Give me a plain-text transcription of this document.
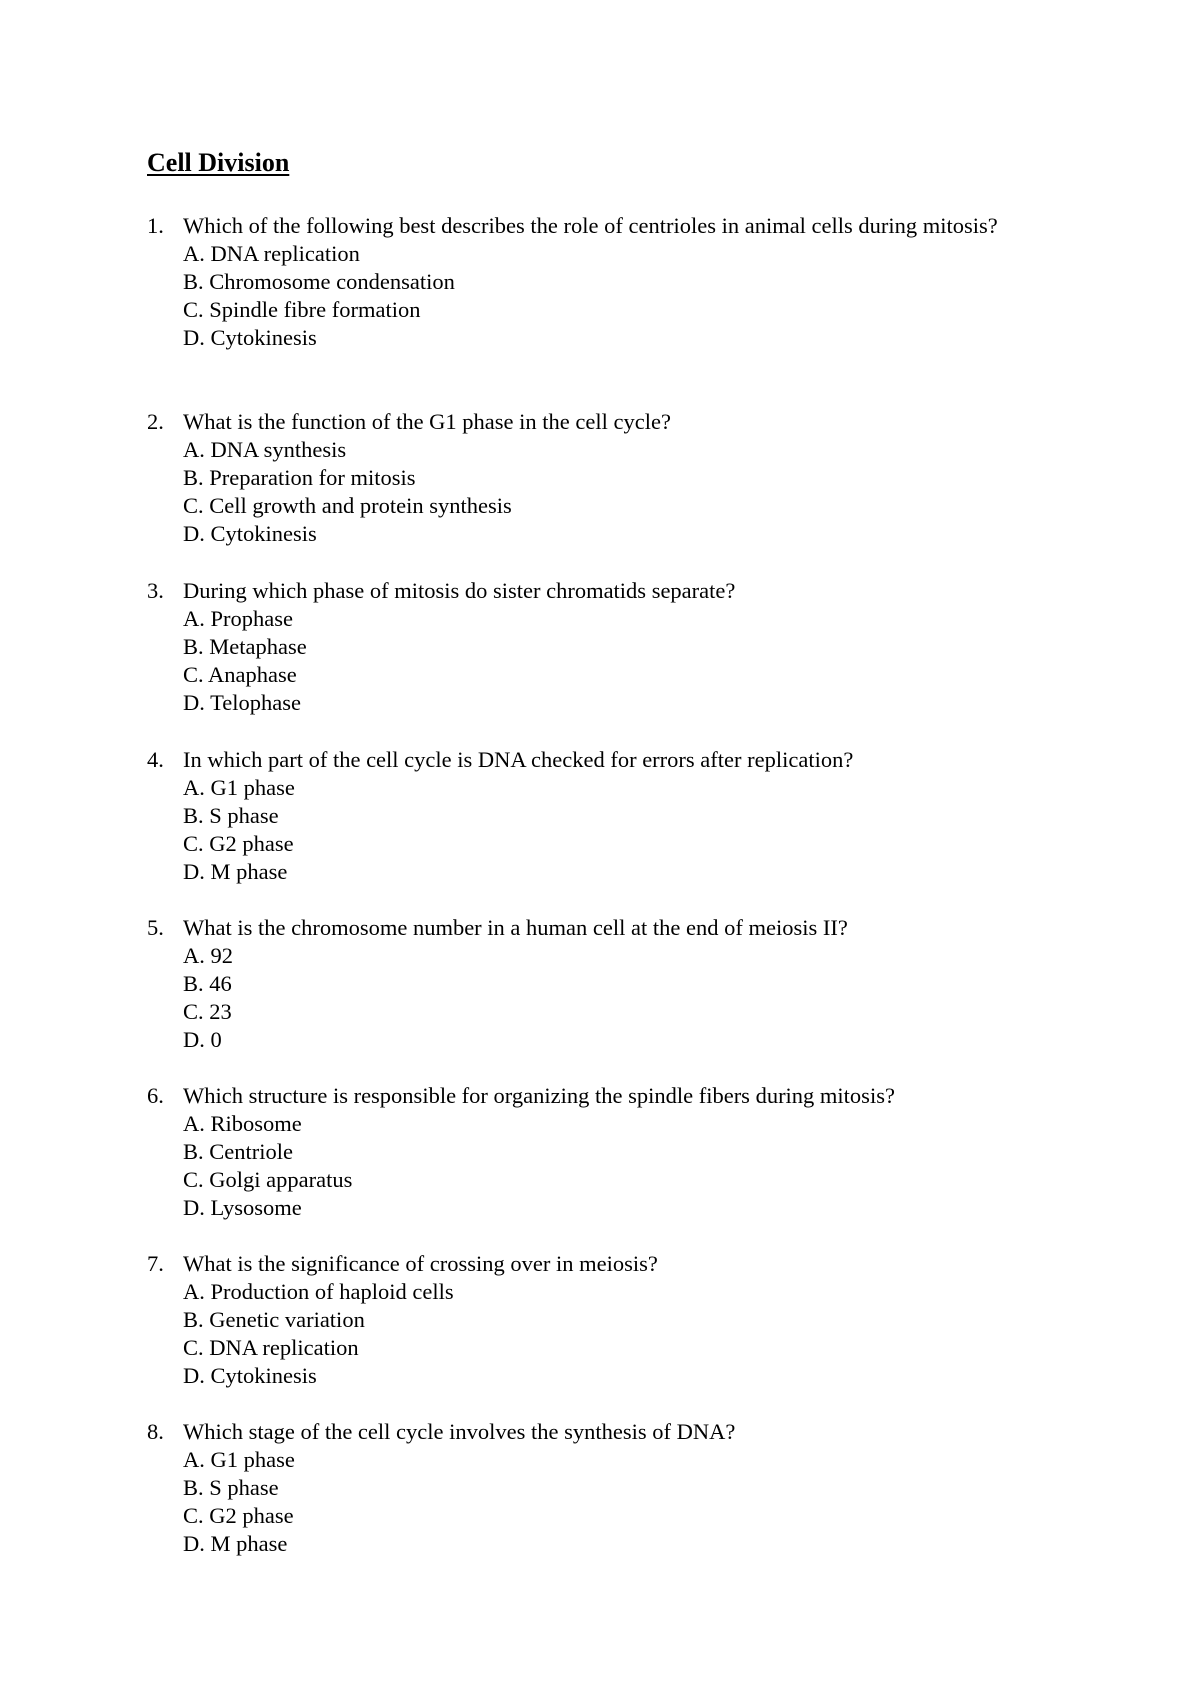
Cell Division
1. Which of the following best describes the role of centrioles in animal cells during mitosis?
A. DNA replication
B. Chromosome condensation
C. Spindle fibre formation
D. Cytokinesis
2. What is the function of the G1 phase in the cell cycle?
A. DNA synthesis
B. Preparation for mitosis
C. Cell growth and protein synthesis
D. Cytokinesis
3. During which phase of mitosis do sister chromatids separate?
A. Prophase
B. Metaphase
C. Anaphase
D. Telophase
4. In which part of the cell cycle is DNA checked for errors after replication?
A. G1 phase
B. S phase
C. G2 phase
D. M phase
5. What is the chromosome number in a human cell at the end of meiosis II?
A. 92
B. 46
C. 23
D. 0
6. Which structure is responsible for organizing the spindle fibers during mitosis?
A. Ribosome
B. Centriole
C. Golgi apparatus
D. Lysosome
7. What is the significance of crossing over in meiosis?
A. Production of haploid cells
B. Genetic variation
C. DNA replication
D. Cytokinesis
8. Which stage of the cell cycle involves the synthesis of DNA?
A. G1 phase
B. S phase
C. G2 phase
D. M phase
